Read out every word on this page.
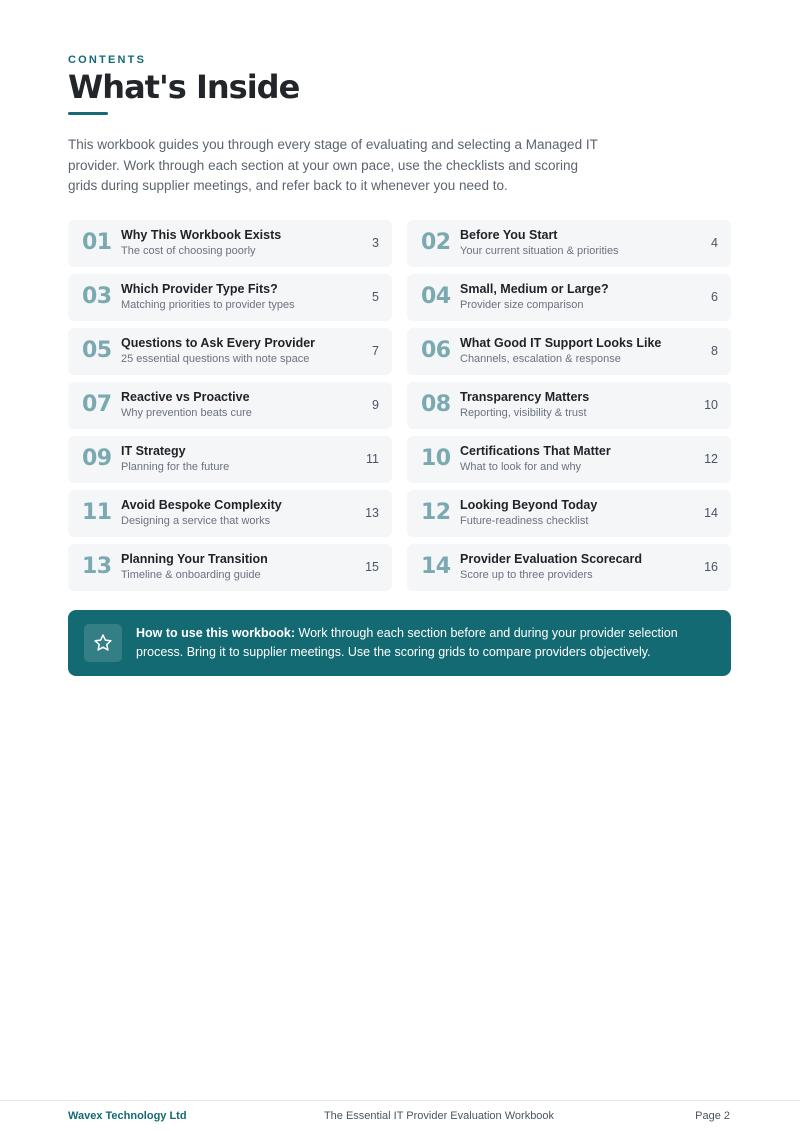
CONTENTS
What's Inside

This workbook guides you through every stage of evaluating and selecting a Managed IT provider. Work through each section at your own pace, use the checklists and scoring grids during supplier meetings, and refer back to it whenever you need to.

01 Why This Workbook Exists
The cost of choosing poorly
3 02 Before You Start
Your current situation & priorities
4
03 Which Provider Type Fits?
Matching priorities to provider types
5 04 Small, Medium or Large?
Provider size comparison
6
05 Questions to Ask Every Provider
25 essential questions with note space
7 06 What Good IT Support Looks Like
Channels, escalation & response
8
07 Reactive vs Proactive
Why prevention beats cure
9 08 Transparency Matters
Reporting, visibility & trust
10
09 IT Strategy
Planning for the future
11 10 Certifications That Matter
What to look for and why
12
11 Avoid Bespoke Complexity
Designing a service that works
13 12 Looking Beyond Today
Future-readiness checklist
14
13 Planning Your Transition
Timeline & onboarding guide
15 14 Provider Evaluation Scorecard
Score up to three providers
16

How to use this workbook: Work through each section before and during your provider selection process. Bring it to supplier meetings. Use the scoring grids to compare providers objectively.

Wavex Technology Ltd	The Essential IT Provider Evaluation Workbook	Page 2
